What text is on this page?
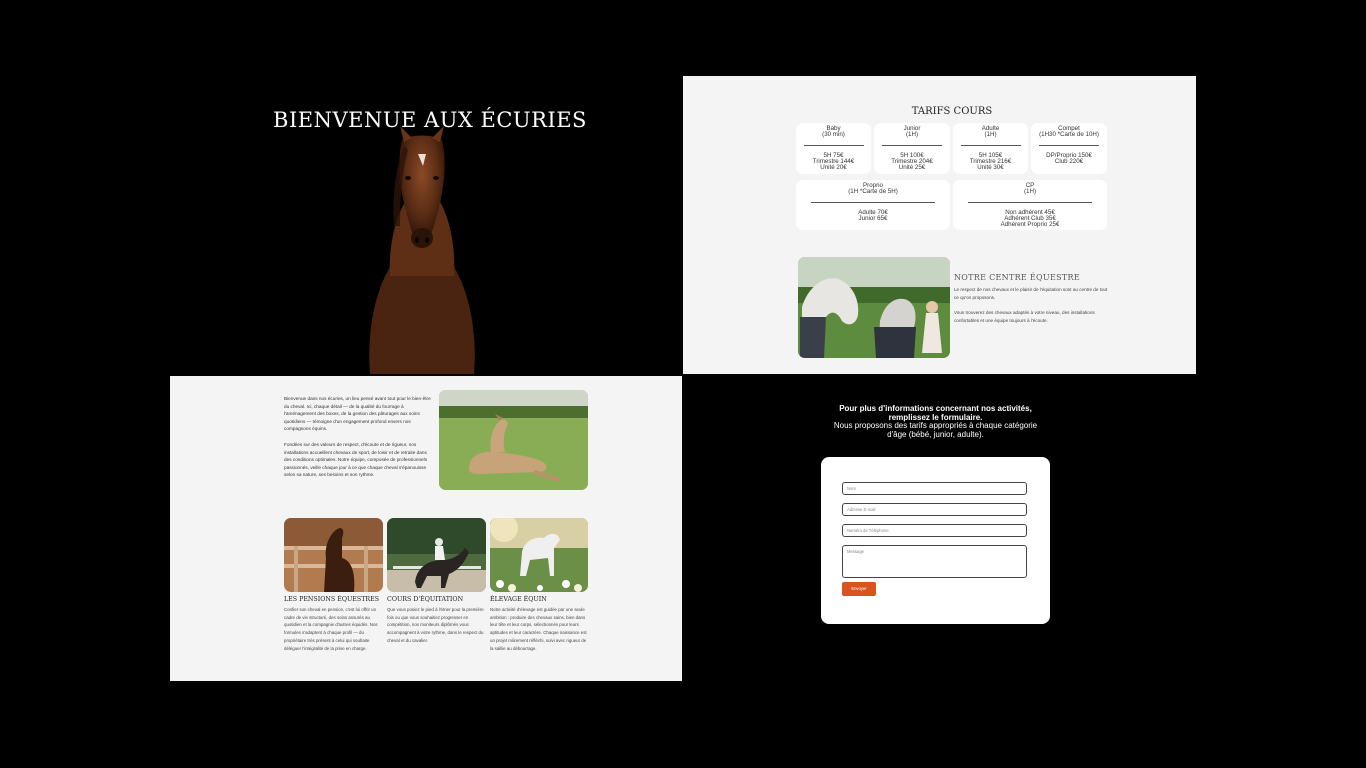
BIENVENUE AUX ÉCURIES	TARIFS COURS
Baby
(30 min)
5H 75€
Trimestre 144€
Unité 20€
Junior
(1H)
5H 100€
Trimestre 204€
Unité 25€
Adulte
(1H)
5H 105€
Trimestre 216€
Unité 30€
Compet
(1H30 *Carte de 10H)
DP/Proprio 150€
Club 220€
Proprio
(1H *Carte de 5H)
Adulte 70€
Junior 65€
CP
(1H)
Non adhérent 45€
Adhérent Club 35€
Adhérent Proprio 25€
NOTRE CENTRE ÉQUESTRE
Le respect de nos chevaux et le plaisir de l'équitation sont au centre de tout ce qu'on proposons.
Vous trouverez des chevaux adaptés à votre niveau, des installations confortables et une équipe toujours à l'écoute.
Bienvenue dans nos écuries, un lieu pensé avant tout pour le bien-être du cheval. Ici, chaque détail — de la qualité du fourrage à l'aménagement des boxes, de la gestion des pâturages aux soins quotidiens — témoigne d'un engagement profond envers nos compagnons équins.
Fondées sur des valeurs de respect, d'écoute et de rigueur, nos installations accueillent chevaux de sport, de loisir et de retraite dans des conditions optimales. Notre équipe, composée de professionnels passionnés, veille chaque jour à ce que chaque cheval s'épanouisse selon sa nature, ses besoins et son rythme.
LES PENSIONS ÉQUESTRES
Confier son cheval en pension, c'est lui offrir un cadre de vie structuré, des soins assurés au quotidien et la compagnie d'autres équidés. Nos formules s'adaptent à chaque profil — du propriétaire très présent à celui qui souhaite déléguer l'intégralité de la prise en charge.
COURS D'ÉQUITATION
Que vous posiez le pied à l'étrier pour la première fois ou que vous souhaitiez progresser en compétition, nos moniteurs diplômés vous accompagnent à votre rythme, dans le respect du cheval et du cavalier.
ÉLEVAGE ÉQUIN
Notre activité d'élevage est guidée par une seule ambition : produire des chevaux sains, bien dans leur tête et leur corps, sélectionnés pour leurs aptitudes et leur caractère. Chaque naissance est un projet mûrement réfléchi, suivi avec rigueur de la saillie au débourrage.
Pour plus d'informations concernant nos activités,
remplissez le formulaire.
Nous proposons des tarifs appropriés à chaque catégorie
d'âge (bébé, junior, adulte).
Nom
Adresse E-mail
Numéro de Téléphone
Message
Envoyer
